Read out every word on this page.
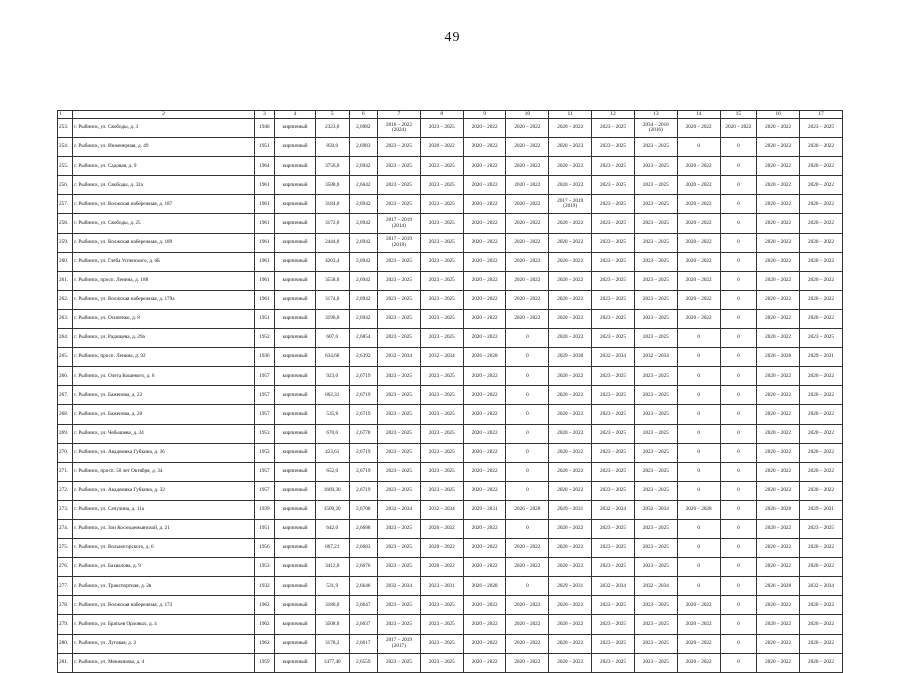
49
1	2	3	4	5	6	7	8	9	10	11	12	13	14	15	16	17
253.	г. Рыбинск, ул. Свободы, д. 3	1946	кирпичный	2323,0	2,6982	2016 – 2022 (2024)	2023 – 2025	2020 – 2022	2020 – 2022	2020 – 2022	2023 – 2025	2034 – 2016 (2016)	2020 – 2022	2020 – 2022	2020 – 2022	2023 – 2025
254.	г. Рыбинск, ул. Инженерная, д. 49	1951	кирпичный	850,0	2,6983	2023 – 2025	2020 – 2022	2020 – 2022	2020 – 2022	2020 – 2023	2023 – 2025	2023 – 2025	0	0	2020 – 2022	2020 – 2022
255.	г. Рыбинск, ул. Садовая, д. 9	1964	кирпичный	3756,0	2,6942	2023 – 2025	2022 – 2025	2020 – 2022	2020 – 2022	2020 – 2022	2023 – 2025	2023 – 2025	2020 – 2022	0	2020 – 2022	2020 – 2022
256.	г. Рыбинск, ул. Свободы, д. 32а	1961	кирпичный	3588,0	2,6642	2023 – 2025	2023 – 2025	2020 – 2022	2020 – 2022	2020 – 2022	2023 – 2025	2023 – 2025	2020 – 2022	0	2020 – 2022	2020 – 2022
257.	г. Рыбинск, ул. Волжская набережная, д. 187	1961	кирпичный	3184,0	2,6942	2023 – 2025	2023 – 2025	2020 – 2022	2020 – 2022	2017 – 2019 (2019)	2023 – 2025	2023 – 2025	2020 – 2022	0	2020 – 2022	2020 – 2022
258.	г. Рыбинск, ул. Свободы, д. 25	1961	кирпичный	3172,0	2,6942	2017 – 2019 (2014)	2023 – 2025	2020 – 2022	2020 – 2022	2020 – 2022	2023 – 2025	2023 – 2025	2020 – 2022	0	2020 – 2022	2020 – 2022
259.	г. Рыбинск, ул. Волжская набережная, д. 189	1961	кирпичный	2444,0	2,6942	2017 – 2019 (2018)	2023 – 2025	2020 – 2022	2020 – 2022	2020 – 2022	2023 – 2025	2023 – 2025	2020 – 2022	0	2020 – 2022	2020 – 2022
260.	г. Рыбинск, ул. Глеба Успенского, д. 6Б	1961	кирпичный	4203,4	2,6942	2023 – 2025	2023 – 2025	2020 – 2022	2020 – 2022	2020 – 2022	2023 – 2025	2023 – 2025	2020 – 2022	0	2020 – 2022	2020 – 2022
261.	г. Рыбинск, просп. Ленина, д. 188	1961	кирпичный	3558,0	2,6942	2023 – 2025	2023 – 2025	2020 – 2022	2020 – 2022	2020 – 2022	2023 – 2025	2023 – 2025	2020 – 2022	0	2020 – 2022	2020 – 2022
262.	г. Рыбинск, ул. Волжская набережная, д. 179а	1961	кирпичный	3174,0	2,6942	2023 – 2025	2023 – 2025	2020 – 2022	2020 – 2022	2020 – 2022	2023 – 2025	2023 – 2025	2020 – 2022	0	2020 – 2022	2020 – 2022
263.	г. Рыбинск, ул. Осипенко, д. 8	1951	кирпичный	3196,0	2,6942	2023 – 2025	2023 – 2025	2020 – 2022	2020 – 2022	2020 – 2022	2023 – 2025	2023 – 2025	2020 – 2022	0	2020 – 2022	2020 – 2022
264.	г. Рыбинск, ул. Радищева, д. 29а	1952	кирпичный	607,0	2,6854	2023 – 2025	2023 – 2025	2020 – 2022	0	2020 – 2022	2023 – 2025	2023 – 2025	0	0	2020 – 2022	2023 – 2025
265.	г. Рыбинск, просп. Ленина, д. 92	1936	кирпичный	634,60	2,6392	2032 – 2034	2032 – 2034	2026 – 2028	0	2029 – 2030	2032 – 2034	2032 – 2034	0	0	2026 – 2028	2029 – 2031
266.	г. Рыбинск, ул. Олега Кошевого, д. 6	1957	кирпичный	923,0	2,6719	2023 – 2025	2023 – 2025	2020 – 2022	0	2020 – 2022	2023 – 2025	2023 – 2025	0	0	2020 – 2022	2020 – 2022
267.	г. Рыбинск, ул. Баженова, д. 22	1957	кирпичный	662,31	2,6719	2023 – 2025	2023 – 2025	2020 – 2022	0	2020 – 2022	2023 – 2025	2023 – 2025	0	0	2020 – 2022	2020 – 2022
268.	г. Рыбинск, ул. Баженова, д. 28	1957	кирпичный	535,8	2,6719	2023 – 2025	2023 – 2025	2020 – 2022	0	2020 – 2022	2023 – 2025	2023 – 2025	0	0	2020 – 2022	2020 – 2022
269.	г. Рыбинск, ул. Чебышева, д. 34	1953	кирпичный	670,0	2,6778	2023 – 2025	2023 – 2025	2020 – 2022	0	2020 – 2022	2023 – 2025	2023 – 2025	0	0	2020 – 2022	2020 – 2022
270.	г. Рыбинск, ул. Академика Губкина, д. 36	1953	кирпичный	423,61	2,6719	2023 – 2025	2023 – 2025	2020 – 2022	0	2020 – 2022	2023 – 2025	2023 – 2025	0	0	2020 – 2022	2020 – 2022
271.	г. Рыбинск, просп. 50 лет Октября, д. 34	1957	кирпичный	652,0	2,6719	2023 – 2025	2023 – 2025	2020 – 2022	0	2020 – 2022	2023 – 2025	2023 – 2025	0	0	2020 – 2022	2020 – 2022
272.	г. Рыбинск, ул. Академика Губкина, д. 32	1957	кирпичный	1669,30	2,6719	2023 – 2025	2023 – 2025	2020 – 2022	0	2020 – 2022	2023 – 2025	2023 – 2025	0	0	2020 – 2022	2020 – 2022
273.	г. Рыбинск, ул. Сечулина, д. 11а	1939	кирпичный	1509,20	2,6708	2032 – 2034	2032 – 2034	2029 – 2031	2026 – 2028	2029 – 2031	2032 – 2034	2032 – 2034	2026 – 2028	0	2026 – 2028	2029 – 2031
274.	г. Рыбинск, ул. Зои Космодемьянской, д. 21	1951	кирпичный	642,0	2,6688	2023 – 2025	2020 – 2022	2020 – 2022	0	2020 – 2022	2023 – 2025	2023 – 2025	0	0	2020 – 2022	2023 – 2025
275.	г. Рыбинск, ул. Вольногорского, д. 6	1956	кирпичный	667,21	2,6683	2023 – 2025	2020 – 2022	2020 – 2022	2020 – 2022	2020 – 2022	2023 – 2025	2023 – 2025	0	0	2020 – 2022	2020 – 2022
276.	г. Рыбинск, ул. Бахвалова, д. 9	1953	кирпичный	3412,0	2,6676	2023 – 2025	2020 – 2022	2020 – 2022	2020 – 2022	2020 – 2022	2023 – 2025	2023 – 2025	0	0	2020 – 2022	2020 – 2022
277.	г. Рыбинск, ул. Транспортная, д. 2в	1932	кирпичный	531,9	2,6646	2032 – 2034	2023 – 2031	2026 – 2028	0	2029 – 2031	2032 – 2034	2032 – 2034	0	0	2026 – 2028	2032 – 2034
278.	г. Рыбинск, ул. Волжская набережная, д. 173	1962	кирпичный	3186,0	2,6647	2023 – 2025	2023 – 2025	2020 – 2022	2020 – 2022	2020 – 2022	2023 – 2025	2023 – 2025	2020 – 2022	0	2020 – 2022	2020 – 2022
279.	г. Рыбинск, ул. Братьев Орловых, д. 4	1962	кирпичный	3508,0	2,6637	2023 – 2025	2023 – 2025	2020 – 2022	2020 – 2022	2020 – 2022	2023 – 2025	2023 – 2025	2020 – 2022	0	2020 – 2022	2020 – 2022
280.	г. Рыбинск, ул. Луговая, д. 3	1962	кирпичный	3178,2	2,6617	2017 – 2019 (2017)	2023 – 2025	2020 – 2022	2020 – 2022	2020 – 2022	2023 – 2025	2023 – 2025	2020 – 2022	0	2020 – 2022	2020 – 2022
281.	г. Рыбинск, ул. Менжинова, д. 4	1959	кирпичный	1477,40	2,6559	2023 – 2025	2023 – 2025	2020 – 2022	2020 – 2022	2020 – 2022	2023 – 2025	2023 – 2025	2020 – 2022	0	2020 – 2022	2020 – 2022
